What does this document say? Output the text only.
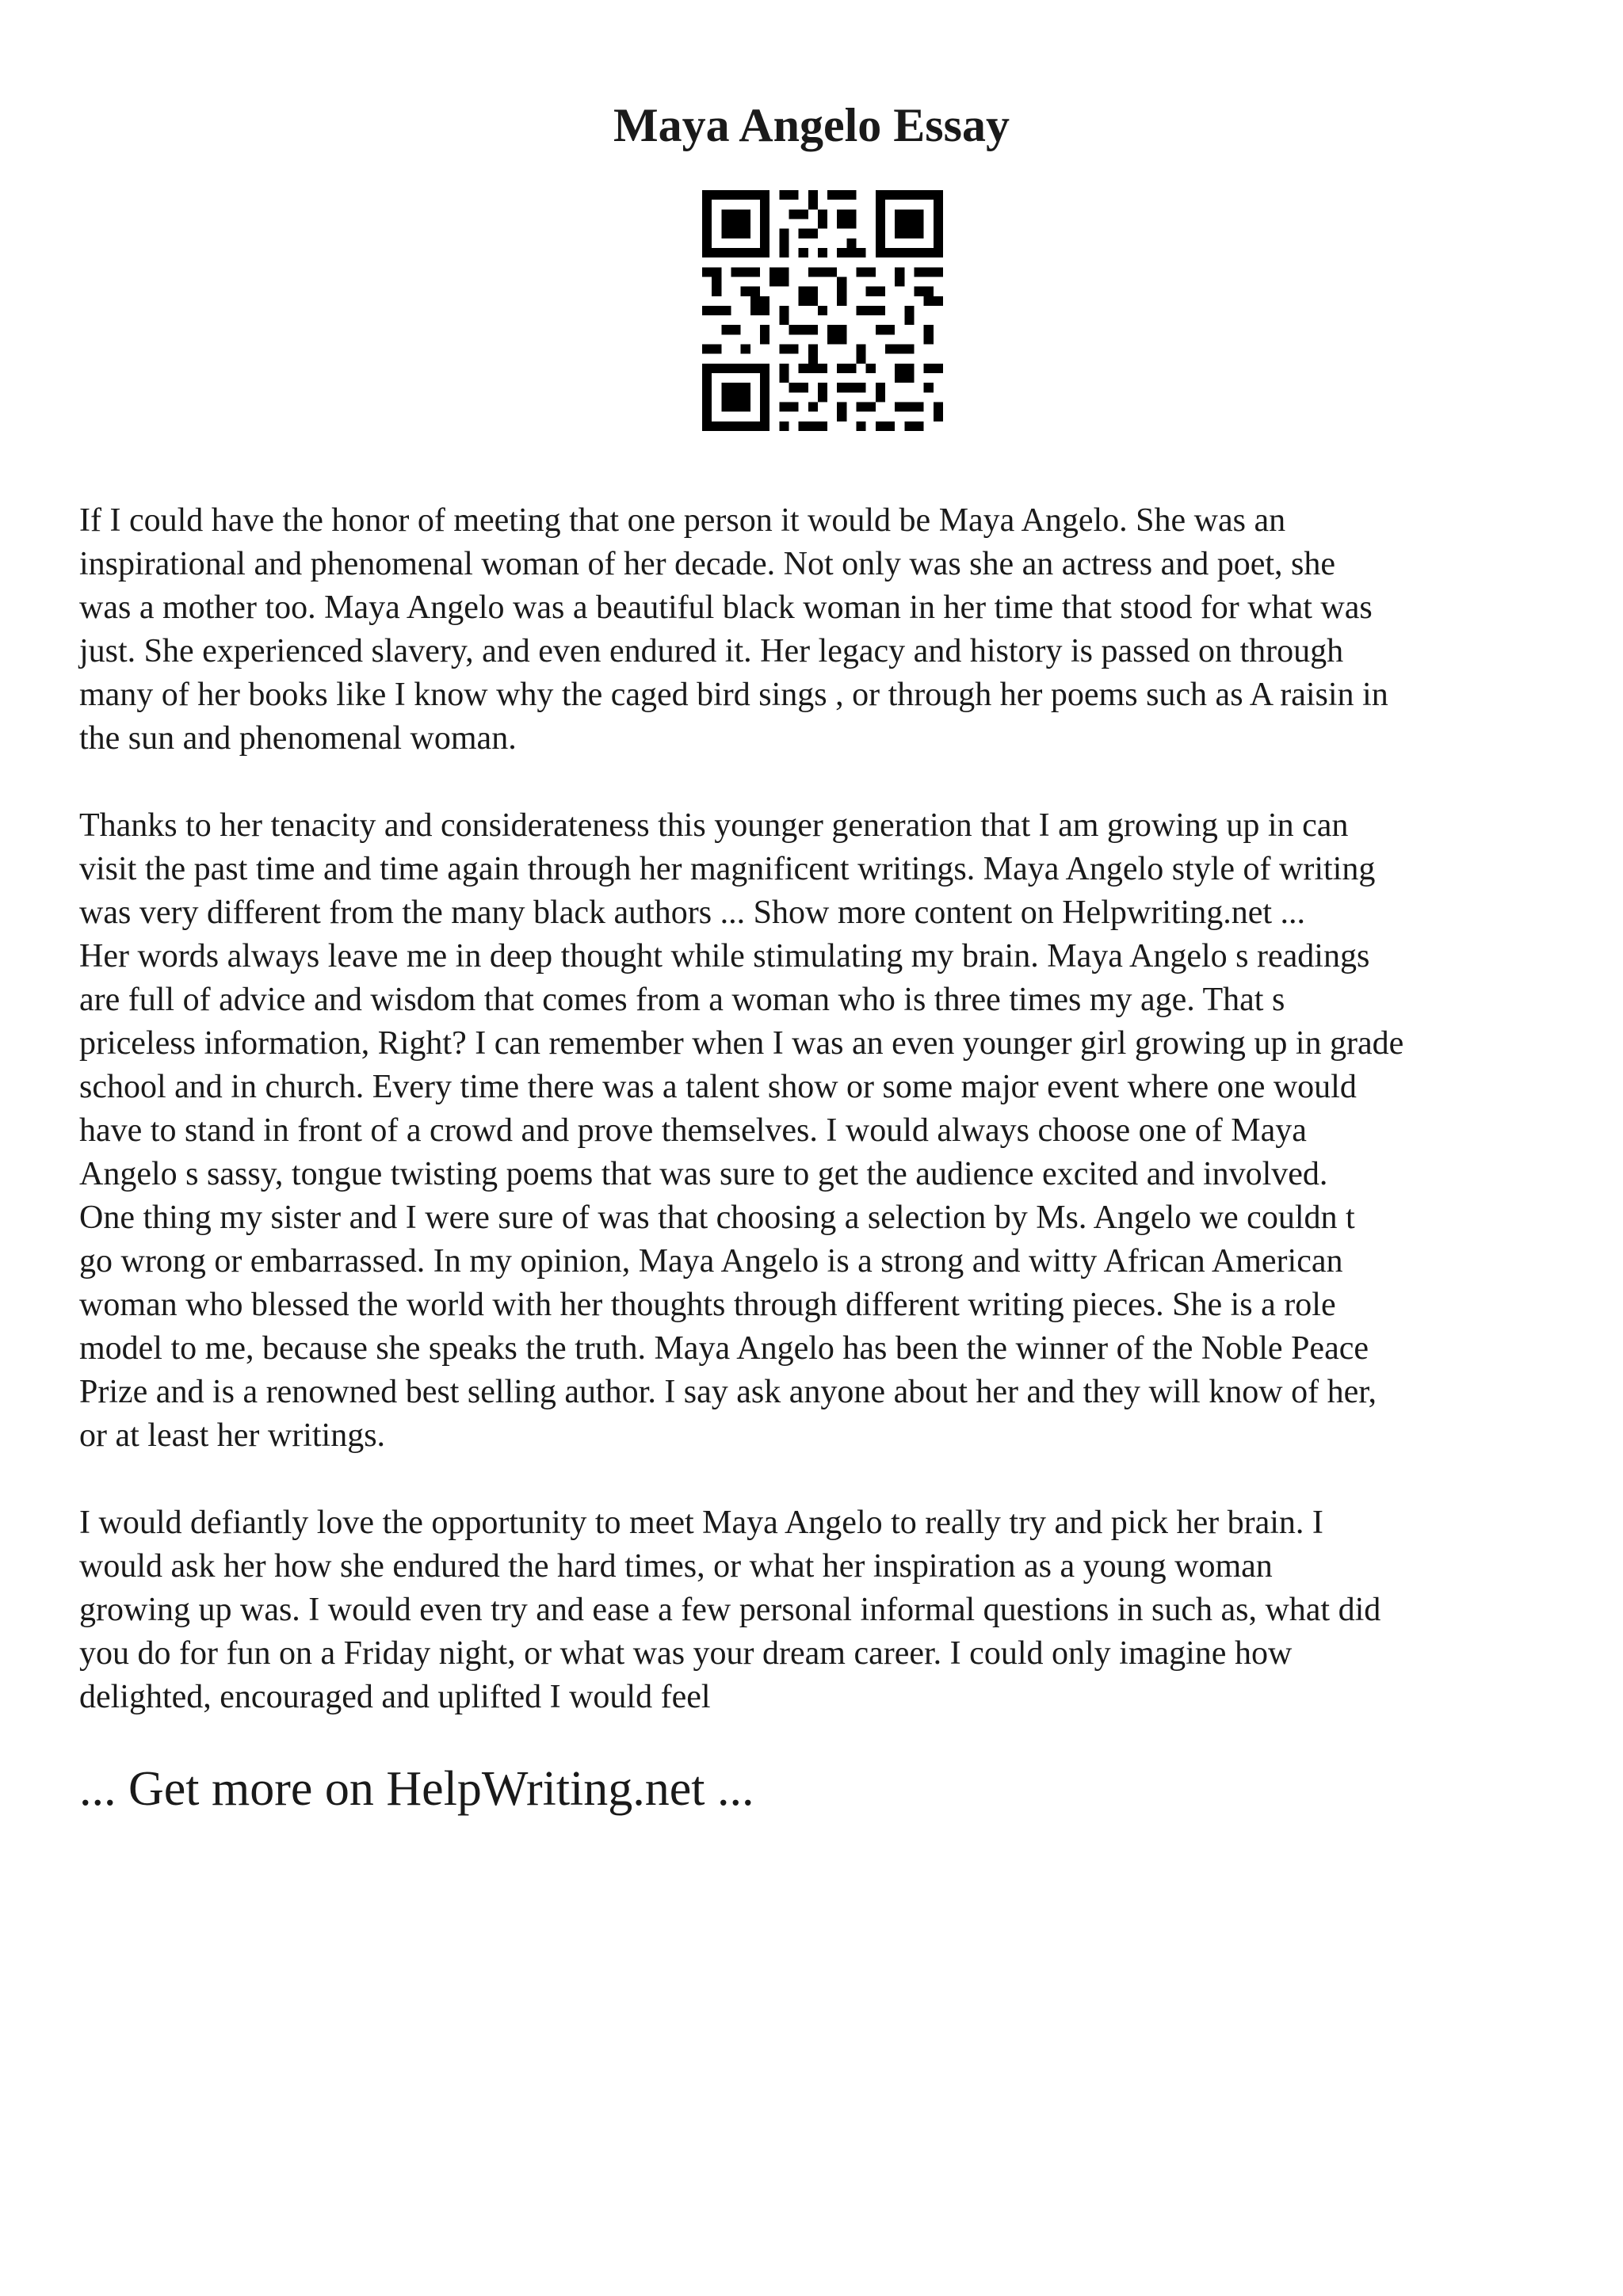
Maya Angelo Essay

If I could have the honor of meeting that one person it would be Maya Angelo. She was an
inspirational and phenomenal woman of her decade. Not only was she an actress and poet, she
was a mother too. Maya Angelo was a beautiful black woman in her time that stood for what was
just. She experienced slavery, and even endured it. Her legacy and history is passed on through
many of her books like I know why the caged bird sings , or through her poems such as A raisin in
the sun and phenomenal woman.

Thanks to her tenacity and considerateness this younger generation that I am growing up in can
visit the past time and time again through her magnificent writings. Maya Angelo style of writing
was very different from the many black authors ... Show more content on Helpwriting.net ...
Her words always leave me in deep thought while stimulating my brain. Maya Angelo s readings
are full of advice and wisdom that comes from a woman who is three times my age. That s
priceless information, Right? I can remember when I was an even younger girl growing up in grade
school and in church. Every time there was a talent show or some major event where one would
have to stand in front of a crowd and prove themselves. I would always choose one of Maya
Angelo s sassy, tongue twisting poems that was sure to get the audience excited and involved.
One thing my sister and I were sure of was that choosing a selection by Ms. Angelo we couldn t
go wrong or embarrassed. In my opinion, Maya Angelo is a strong and witty African American
woman who blessed the world with her thoughts through different writing pieces. She is a role
model to me, because she speaks the truth. Maya Angelo has been the winner of the Noble Peace
Prize and is a renowned best selling author. I say ask anyone about her and they will know of her,
or at least her writings.

I would defiantly love the opportunity to meet Maya Angelo to really try and pick her brain. I
would ask her how she endured the hard times, or what her inspiration as a young woman
growing up was. I would even try and ease a few personal informal questions in such as, what did
you do for fun on a Friday night, or what was your dream career. I could only imagine how
delighted, encouraged and uplifted I would feel

... Get more on HelpWriting.net ...
